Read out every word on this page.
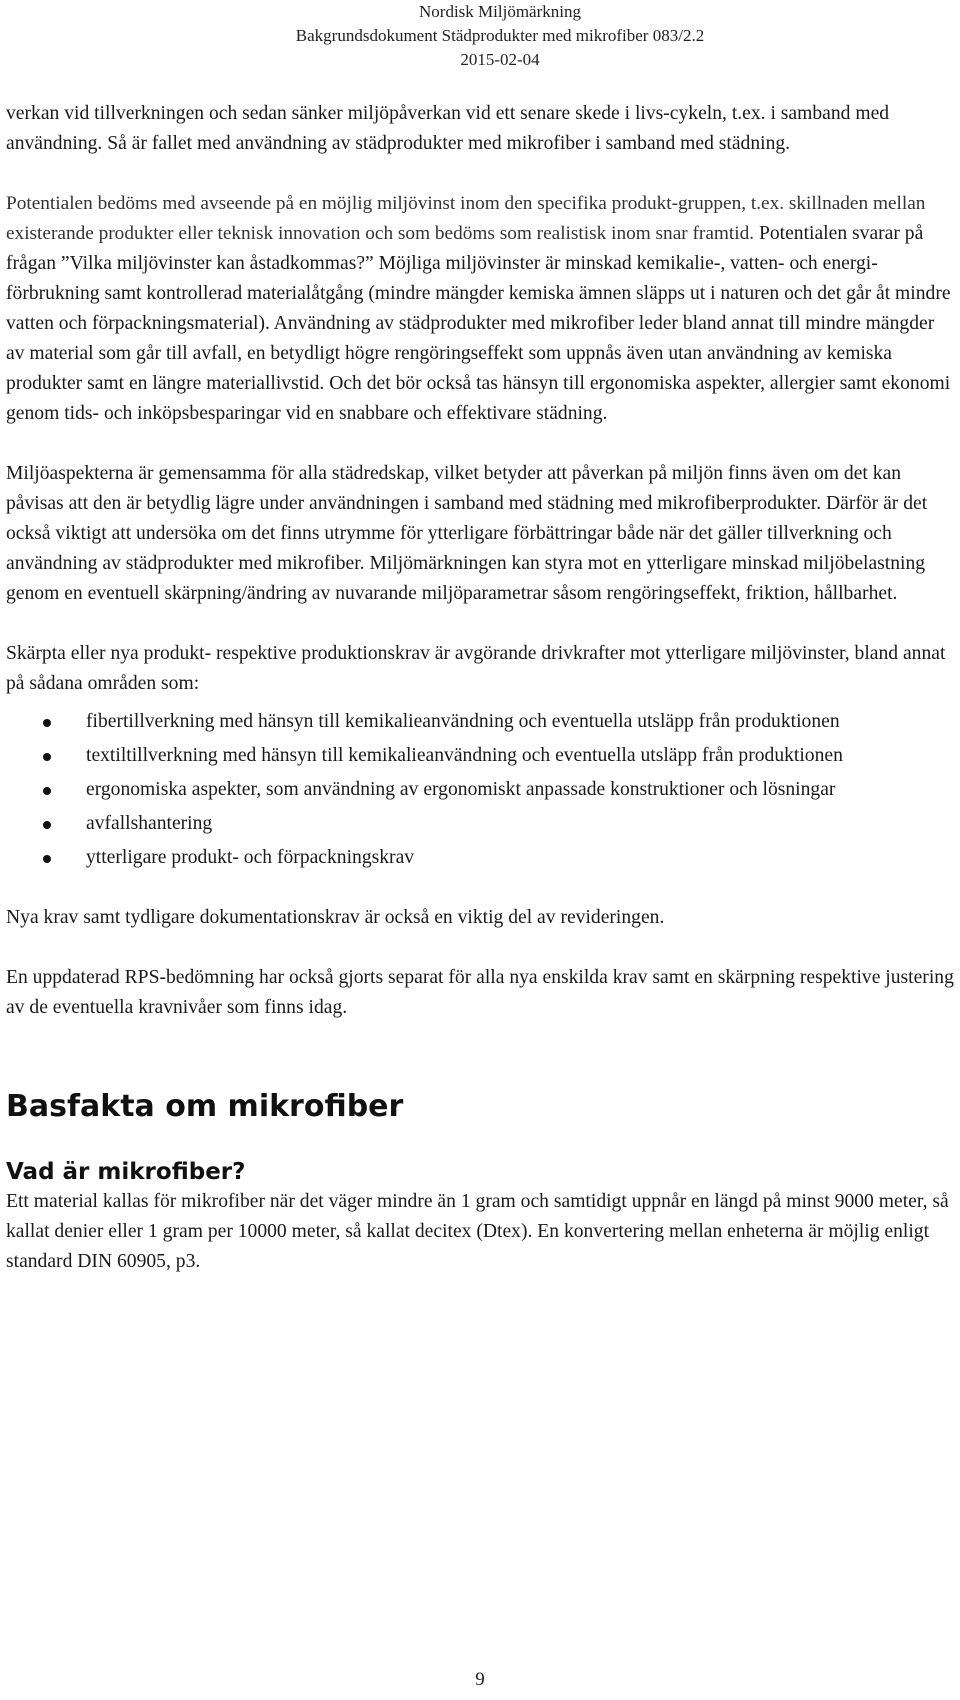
Nordisk Miljömärkning
Bakgrundsdokument Städprodukter med mikrofiber 083/2.2
2015-02-04

verkan vid tillverkningen och sedan sänker miljöpåverkan vid ett senare skede i livs-cykeln, t.ex. i samband med användning. Så är fallet med användning av städprodukter med mikrofiber i samband med städning.

Potentialen bedöms med avseende på en möjlig miljövinst inom den specifika produkt-gruppen, t.ex. skillnaden mellan existerande produkter eller teknisk innovation och som bedöms som realistisk inom snar framtid.

Potentialen svarar på frågan ”Vilka miljövinster kan åstadkommas?” Möjliga miljövinster är minskad kemikalie-, vatten- och energi-förbrukning samt kontrollerad materialåtgång (mindre mängder kemiska ämnen släpps ut i naturen och det går åt mindre vatten och förpackningsmaterial). Användning av städprodukter med mikrofiber leder bland annat till mindre mängder av material som går till avfall, en betydligt högre rengöringseffekt som uppnås även utan användning av kemiska produkter samt en längre materiallivstid. Och det bör också tas hänsyn till ergonomiska aspekter, allergier samt ekonomi genom tids- och inköpsbesparingar vid en snabbare och effektivare städning.

Miljöaspekterna är gemensamma för alla städredskap, vilket betyder att påverkan på miljön finns även om det kan påvisas att den är betydlig lägre under användningen i samband med städning med mikrofiberprodukter. Därför är det också viktigt att undersöka om det finns utrymme för ytterligare förbättringar både när det gäller tillverkning och användning av städprodukter med mikrofiber. Miljömärkningen kan styra mot en ytterligare minskad miljöbelastning genom en eventuell skärpning/ändring av nuvarande miljöparametrar såsom rengöringseffekt, friktion, hållbarhet.

Skärpta eller nya produkt- respektive produktionskrav är avgörande drivkrafter mot ytterligare miljövinster, bland annat på sådana områden som:

fibertillverkning med hänsyn till kemikalieanvändning och eventuella utsläpp från produktionen
textiltillverkning med hänsyn till kemikalieanvändning och eventuella utsläpp från produktionen
ergonomiska aspekter, som användning av ergonomiskt anpassade konstruktioner och lösningar
avfallshantering
ytterligare produkt- och förpackningskrav

Nya krav samt tydligare dokumentationskrav är också en viktig del av revideringen.

En uppdaterad RPS-bedömning har också gjorts separat för alla nya enskilda krav samt en skärpning respektive justering av de eventuella kravnivåer som finns idag.

Basfakta om mikrofiber
Vad är mikrofiber?

Ett material kallas för mikrofiber när det väger mindre än 1 gram och samtidigt uppnår en längd på minst 9000 meter, så kallat denier eller 1 gram per 10000 meter, så kallat decitex (Dtex). En konvertering mellan enheterna är möjlig enligt standard DIN 60905, p3.

9
